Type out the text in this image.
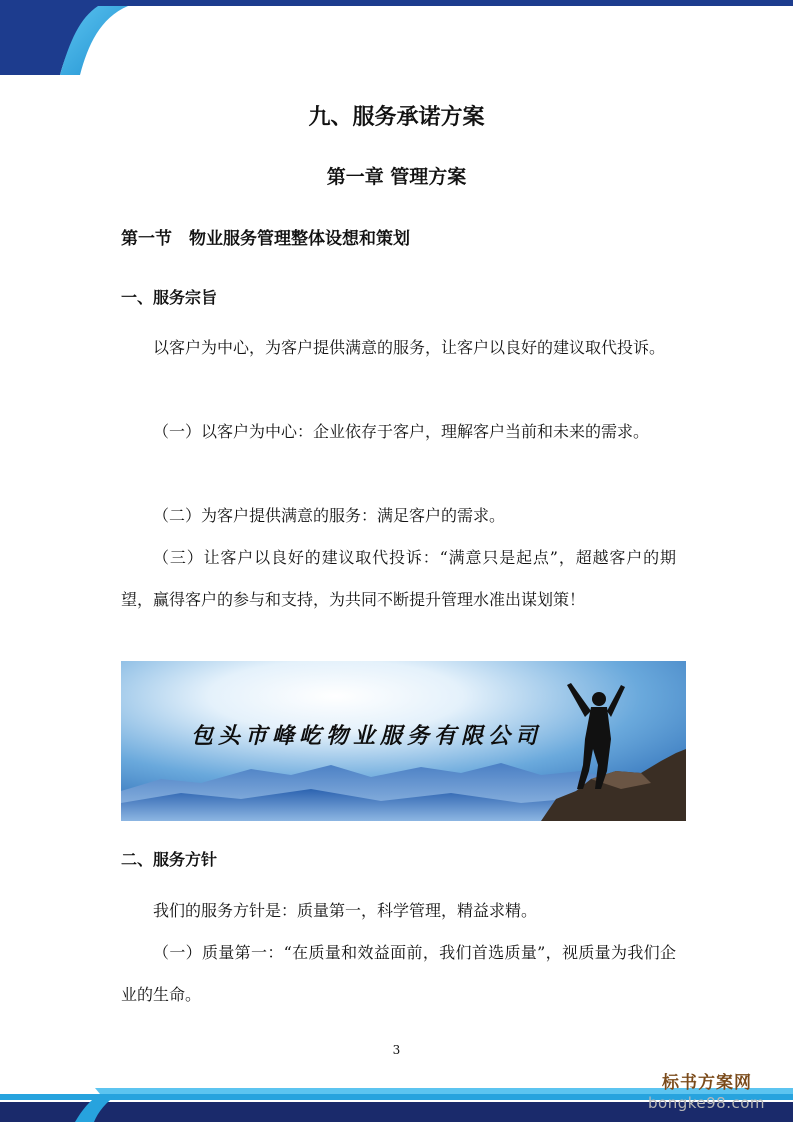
九、服务承诺方案
第一章 管理方案
第一节　物业服务管理整体设想和策划
一、服务宗旨
以客户为中心，为客户提供满意的服务，让客户以良好的建议取代投诉。
（一）以客户为中心：企业依存于客户，理解客户当前和未来的需求。
（二）为客户提供满意的服务：满足客户的需求。
（三）让客户以良好的建议取代投诉：“满意只是起点”，超越客户的期望，赢得客户的参与和支持，为共同不断提升管理水准出谋划策！
包头市峰屹物业服务有限公司
二、服务方针
我们的服务方针是：质量第一，科学管理，精益求精。
（一）质量第一：“在质量和效益面前，我们首选质量”，视质量为我们企业的生命。
3
标书方案网
bongke98.com
